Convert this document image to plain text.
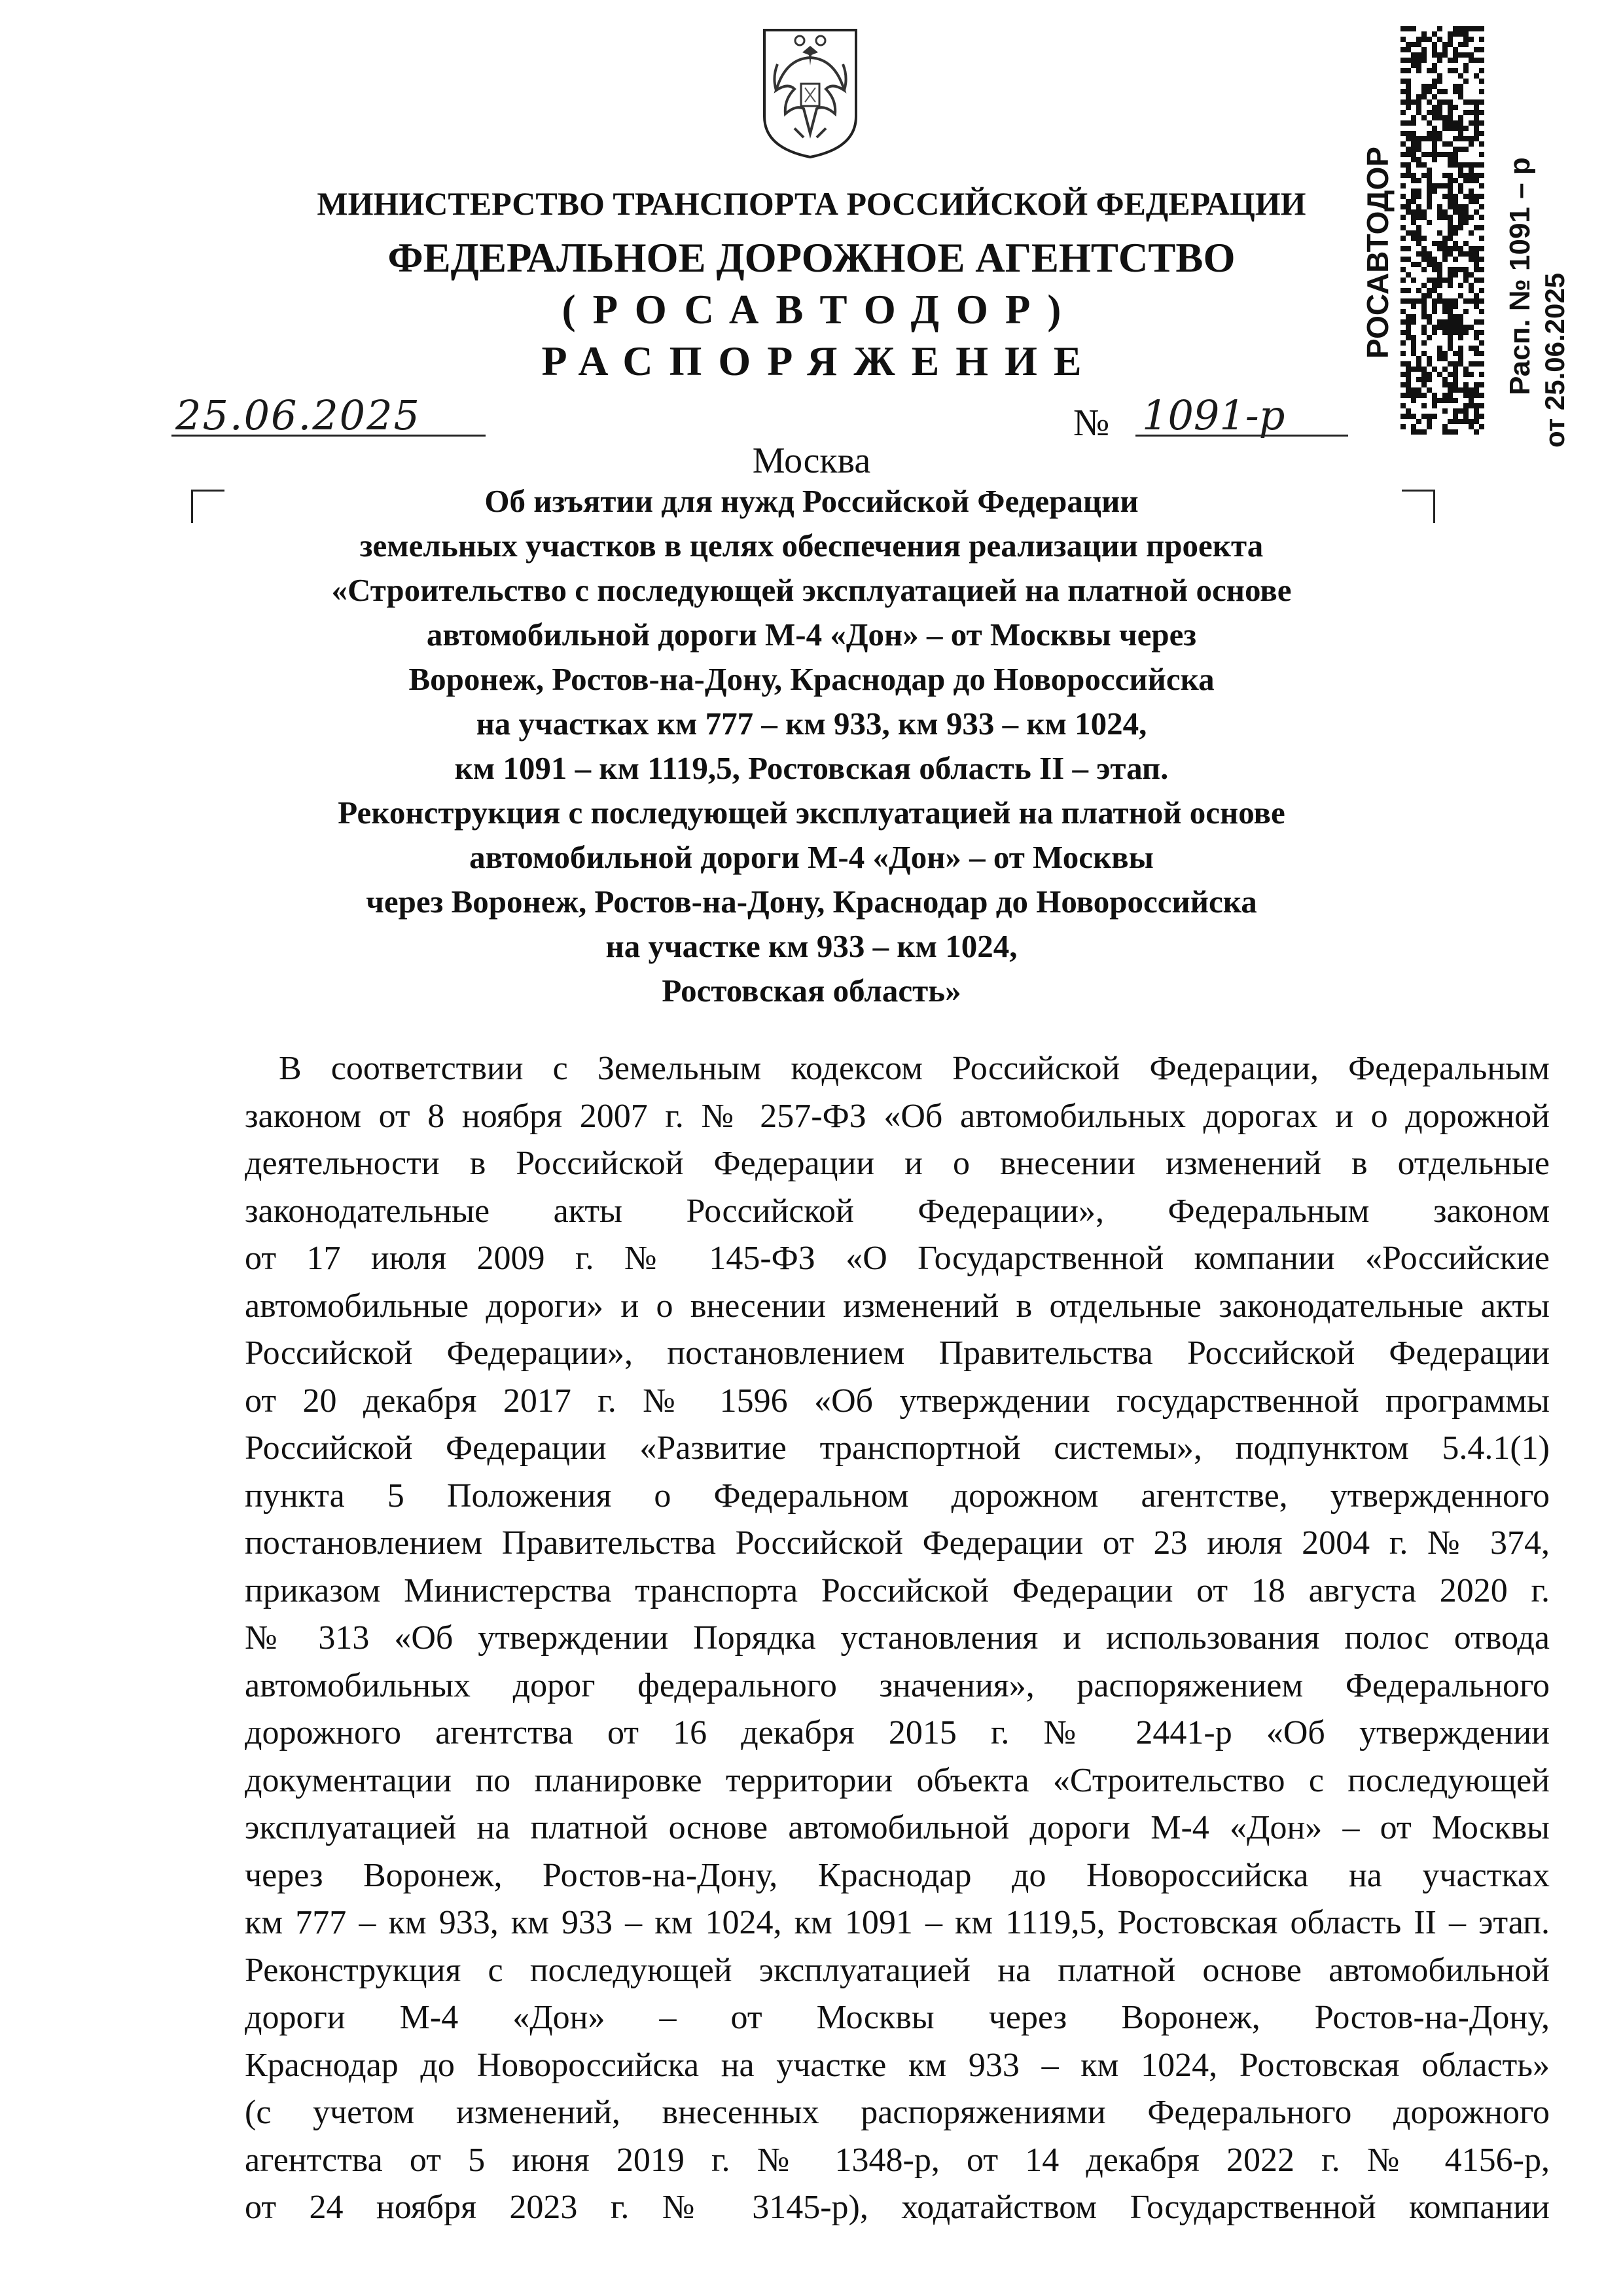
МИНИСТЕРСТВО ТРАНСПОРТА РОССИЙСКОЙ ФЕДЕРАЦИИ
ФЕДЕРАЛЬНОЕ ДОРОЖНОЕ АГЕНТСТВО
(РОСАВТОДОР)
РАСПОРЯЖЕНИЕ
25.06.2025	№ 1091-р
Москва
Об изъятии для нужд Российской Федерации
земельных участков в целях обеспечения реализации проекта
«Строительство с последующей эксплуатацией на платной основе
автомобильной дороги М-4 «Дон» – от Москвы через
Воронеж, Ростов-на-Дону, Краснодар до Новороссийска
на участках км 777 – км 933, км 933 – км 1024,
км 1091 – км 1119,5, Ростовская область II – этап.
Реконструкция с последующей эксплуатацией на платной основе
автомобильной дороги М-4 «Дон» – от Москвы
через Воронеж, Ростов-на-Дону, Краснодар до Новороссийска
на участке км 933 – км 1024,
Ростовская область»
В соответствии с Земельным кодексом Российской Федерации, Федеральным
законом от 8 ноября 2007 г. № 257-ФЗ «Об автомобильных дорогах и о дорожной
деятельности в Российской Федерации и о внесении изменений в отдельные
законодательные акты Российской Федерации», Федеральным законом
от 17 июля 2009 г. № 145-ФЗ «О Государственной компании «Российские
автомобильные дороги» и о внесении изменений в отдельные законодательные акты
Российской Федерации», постановлением Правительства Российской Федерации
от 20 декабря 2017 г. № 1596 «Об утверждении государственной программы
Российской Федерации «Развитие транспортной системы», подпунктом 5.4.1(1)
пункта 5 Положения о Федеральном дорожном агентстве, утвержденного
постановлением Правительства Российской Федерации от 23 июля 2004 г. № 374,
приказом Министерства транспорта Российской Федерации от 18 августа 2020 г.
№ 313 «Об утверждении Порядка установления и использования полос отвода
автомобильных дорог федерального значения», распоряжением Федерального
дорожного агентства от 16 декабря 2015 г. № 2441-р «Об утверждении
документации по планировке территории объекта «Строительство с последующей
эксплуатацией на платной основе автомобильной дороги М-4 «Дон» – от Москвы
через Воронеж, Ростов-на-Дону, Краснодар до Новороссийска на участках
км 777 – км 933, км 933 – км 1024, км 1091 – км 1119,5, Ростовская область II – этап.
Реконструкция с последующей эксплуатацией на платной основе автомобильной
дороги М-4 «Дон» – от Москвы через Воронеж, Ростов-на-Дону,
Краснодар до Новороссийска на участке км 933 – км 1024, Ростовская область»
(с учетом изменений, внесенных распоряжениями Федерального дорожного
агентства от 5 июня 2019 г. № 1348-р, от 14 декабря 2022 г. № 4156-р,
от 24 ноября 2023 г. № 3145-р), ходатайством Государственной компании
РОСАВТОДОР	Расп. № 1091 – р от 25.06.2025
